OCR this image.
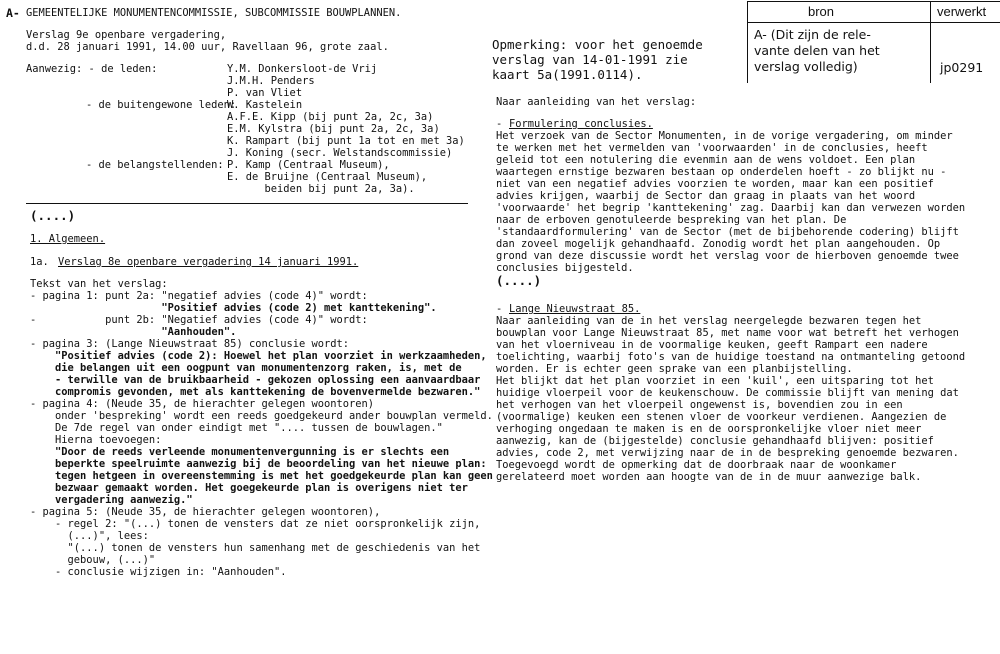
bron	verwerkt
A- (Dit zijn de rele-
vante delen van het
verslag volledig)	jp0291
A- GEMEENTELIJKE MONUMENTENCOMMISSIE, SUBCOMMISSIE BOUWPLANNEN.
Verslag 9e openbare vergadering,
d.d. 28 januari 1991, 14.00 uur, Ravellaan 96, grote zaal.
Aanwezig: - de leden:	Y.M. Donkersloot-de Vrij
J.M.H. Penders
P. van Vliet
- de buitengewone leden:
W. Kastelein
A.F.E. Kipp (bij punt 2a, 2c, 3a)
E.M. Kylstra (bij punt 2a, 2c, 3a)
K. Rampart (bij punt 1a tot en met 3a)
J. Koning (secr. Welstandscommissie)
- de belangstellenden: P. Kamp (Centraal Museum),
E. de Bruijne (Centraal Museum),
beiden bij punt 2a, 3a).
(....)
1. Algemeen.
1a. Verslag 8e openbare vergadering 14 januari 1991.
Tekst van het verslag:
- pagina 1: punt 2a: "negatief advies (code 4)" wordt:
"Positief advies (code 2) met kanttekening".
-           punt 2b: "Negatief advies (code 4)" wordt:
"Aanhouden".
- pagina 3: (Lange Nieuwstraat 85) conclusie wordt:
"Positief advies (code 2): Hoewel het plan voorziet in werkzaamheden,
die belangen uit een oogpunt van monumentenzorg raken, is, met de
- terwille van de bruikbaarheid - gekozen oplossing een aanvaardbaar
compromis gevonden, met als kanttekening de bovenvermelde bezwaren."
- pagina 4: (Neude 35, de hierachter gelegen woontoren)
onder 'bespreking' wordt een reeds goedgekeurd ander bouwplan vermeld.
De 7de regel van onder eindigt met ".... tussen de bouwlagen."
Hierna toevoegen:
"Door de reeds verleende monumentenvergunning is er slechts een
beperkte speelruimte aanwezig bij de beoordeling van het nieuwe plan:
tegen hetgeen in overeenstemming is met het goedgekeurde plan kan geen
bezwaar gemaakt worden. Het goegekeurde plan is overigens niet ter
vergadering aanwezig."
- pagina 5: (Neude 35, de hierachter gelegen woontoren),
- regel 2: "(...) tonen de vensters dat ze niet oorspronkelijk zijn,
(...)", lees:
"(...) tonen de vensters hun samenhang met de geschiedenis van het
gebouw, (...)"
- conclusie wijzigen in: "Aanhouden".
Opmerking: voor het genoemde
verslag van 14-01-1991 zie
kaart 5a(1991.0114).
Naar aanleiding van het verslag:
- Formulering conclusies.
Het verzoek van de Sector Monumenten, in de vorige vergadering, om minder
te werken met het vermelden van 'voorwaarden' in de conclusies, heeft
geleid tot een notulering die evenmin aan de wens voldoet. Een plan
waartegen ernstige bezwaren bestaan op onderdelen hoeft - zo blijkt nu -
niet van een negatief advies voorzien te worden, maar kan een positief
advies krijgen, waarbij de Sector dan graag in plaats van het woord
'voorwaarde' het begrip 'kanttekening' zag. Daarbij kan dan verwezen worden
naar de erboven genotuleerde bespreking van het plan. De
'standaardformulering' van de Sector (met de bijbehorende codering) blijft
dan zoveel mogelijk gehandhaafd. Zonodig wordt het plan aangehouden. Op
grond van deze discussie wordt het verslag voor de hierboven genoemde twee
conclusies bijgesteld.
(....)
- Lange Nieuwstraat 85.
Naar aanleiding van de in het verslag neergelegde bezwaren tegen het
bouwplan voor Lange Nieuwstraat 85, met name voor wat betreft het verhogen
van het vloerniveau in de voormalige keuken, geeft Rampart een nadere
toelichting, waarbij foto's van de huidige toestand na ontmanteling getoond
worden. Er is echter geen sprake van een planbijstelling.
Het blijkt dat het plan voorziet in een 'kuil', een uitsparing tot het
huidige vloerpeil voor de keukenschouw. De commissie blijft van mening dat
het verhogen van het vloerpeil ongewenst is, bovendien zou in een
(voormalige) keuken een stenen vloer de voorkeur verdienen. Aangezien de
verhoging ongedaan te maken is en de oorspronkelijke vloer niet meer
aanwezig, kan de (bijgestelde) conclusie gehandhaafd blijven: positief
advies, code 2, met verwijzing naar de in de bespreking genoemde bezwaren.
Toegevoegd wordt de opmerking dat de doorbraak naar de woonkamer
gerelateerd moet worden aan hoogte van de in de muur aanwezige balk.
